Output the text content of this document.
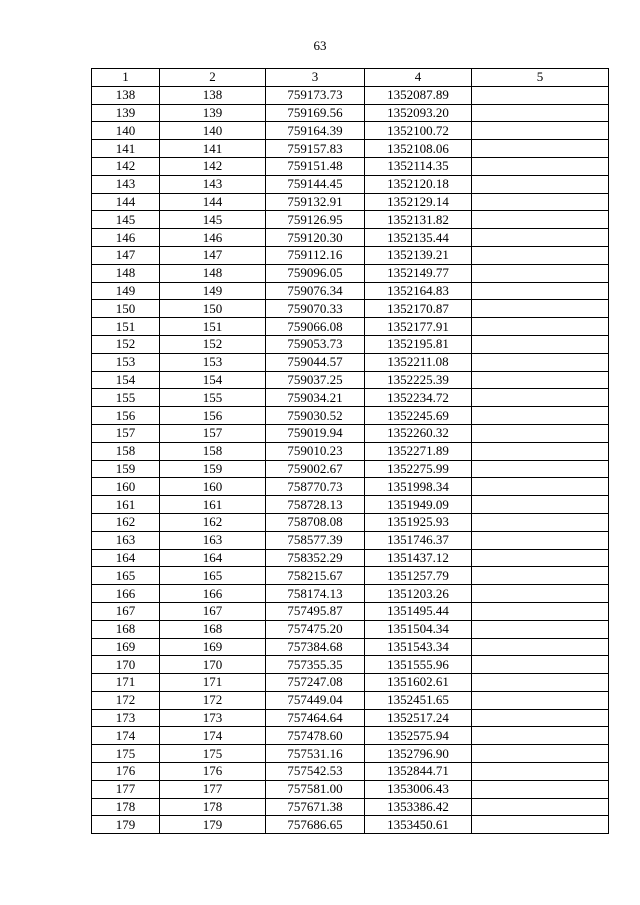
63
1	2	3	4	5
138	138	759173.73	1352087.89	
139	139	759169.56	1352093.20	
140	140	759164.39	1352100.72	
141	141	759157.83	1352108.06	
142	142	759151.48	1352114.35	
143	143	759144.45	1352120.18	
144	144	759132.91	1352129.14	
145	145	759126.95	1352131.82	
146	146	759120.30	1352135.44	
147	147	759112.16	1352139.21	
148	148	759096.05	1352149.77	
149	149	759076.34	1352164.83	
150	150	759070.33	1352170.87	
151	151	759066.08	1352177.91	
152	152	759053.73	1352195.81	
153	153	759044.57	1352211.08	
154	154	759037.25	1352225.39	
155	155	759034.21	1352234.72	
156	156	759030.52	1352245.69	
157	157	759019.94	1352260.32	
158	158	759010.23	1352271.89	
159	159	759002.67	1352275.99	
160	160	758770.73	1351998.34	
161	161	758728.13	1351949.09	
162	162	758708.08	1351925.93	
163	163	758577.39	1351746.37	
164	164	758352.29	1351437.12	
165	165	758215.67	1351257.79	
166	166	758174.13	1351203.26	
167	167	757495.87	1351495.44	
168	168	757475.20	1351504.34	
169	169	757384.68	1351543.34	
170	170	757355.35	1351555.96	
171	171	757247.08	1351602.61	
172	172	757449.04	1352451.65	
173	173	757464.64	1352517.24	
174	174	757478.60	1352575.94	
175	175	757531.16	1352796.90	
176	176	757542.53	1352844.71	
177	177	757581.00	1353006.43	
178	178	757671.38	1353386.42	
179	179	757686.65	1353450.61	
